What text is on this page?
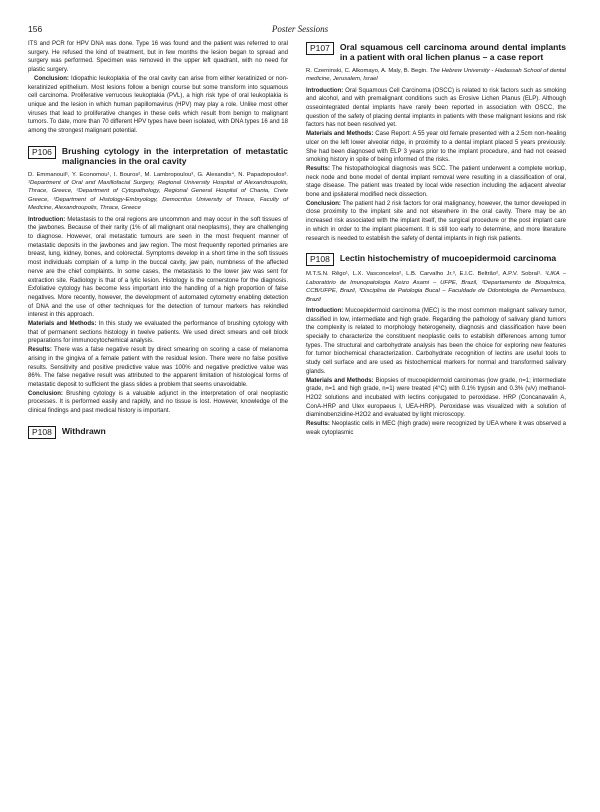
156	Poster Sessions

ITS and PCR for HPV DNA was done. Type 16 was found and the patient was referred to oral surgery. He refused the kind of treatment, but in few months the lesion began to spread and surgery was performed. Specimen was removed in the upper left quadrant, with no need for plastic surgery.

Conclusion: Idiopathic leukoplakia of the oral cavity can arise from either keratinized or non-keratinized epithelium. Most lesions follow a benign course but some transform into squamous cell carcinoma. Proliferative verrucous leukoplakia (PVL), a high risk type of oral leukoplakia is unique and the lesion in which human papillomavirus (HPV) may play a role. Unlike most other viruses that lead to proliferative changes in these cells which result from benign to malignant tumors. To date, more than 70 different HPV types have been isolated, with DNA types 16 and 18 among the strongest malignant potential.

P106	Brushing cytology in the interpretation of metastatic malignancies in the oral cavity

D. Emmanouil¹, Y. Economou¹, I. Bouros², M. Lambropoulou³, G. Alexandis⁴, N. Papadopoulos³. ¹Department of Oral and Maxillofacial Surgery, Regional University Hospital of Alexandroupolis, Thrace, Greece, ²Department of Cytopathology, Regional General Hospital of Chania, Crete Greece, ³Department of Histology-Embryology, Democritus University of Thrace, Faculty of Medicine, Alexandroupolis, Thrace, Greece

Introduction: Metastasis to the oral regions are uncommon and may occur in the soft tissues of the jawbones. Because of their rarity (1% of all malignant oral neoplasms), they are challenging to diagnose. However, oral metastatic tumours are seen in the most frequent manner of metastatic deposits in the jawbones and jaw region. The most frequently reported primaries are breast, lung, kidney, bones, and colorectal. Symptoms develop in a short time in the soft tissues most individuals complain of a lump in the buccal cavity, jaw pain, numbness of the affected nerve are the chief complaints. In some cases, the metastasis to the lower jaw was sent for extraction site. Radiology is that of a lytic lesion. Histology is the cornerstone for the diagnosis. Exfoliative cytology has become less important into the handling of a high proportion of false negatives. More recently, however, the development of automated cytometry enabling detection of DNA and the use of other techniques for the detection of tumour markers has rekindled interest in this approach.

Materials and Methods: In this study we evaluated the performance of brushing cytology with that of permanent sections histology in twelve patients. We used direct smears and cell block preparations for immunocytochemical analysis.

Results: There was a false negative result by direct smearing on scoring a case of melanoma arising in the gingiva of a female patient with the residual lesion. There were no false positive results. Sensitivity and positive predictive value was 100% and negative predictive value was 86%. The false negative result was attributed to the apparent limitation of histological forms of metastatic deposit to sufficient the glass slides a problem that seems unavoidable.

Conclusion: Brushing cytology is a valuable adjunct in the interpretation of oral neoplastic processes. It is performed easily and rapidly, and no tissue is lost. However, knowledge of the clinical findings and past medical history is important.

P108	Withdrawn
P107	Oral squamous cell carcinoma around dental implants in a patient with oral lichen planus – a case report

R. Czerninski, C. Alkomayo, A. Maly, B. Begin. The Hebrew University - Hadassah School of dental medicine, Jerusalem, Israel

Introduction: Oral Squamous Cell Carcinoma (OSCC) is related to risk factors such as smoking and alcohol, and with premalignant conditions such as Erosive Lichen Planus (ELP). Although osseointegrated dental implants have rarely been reported in association with OSCC, the question of the safety of placing dental implants in patients with these malignant lesions and risk factors has not been resolved yet.

Materials and Methods: Case Report: A 55 year old female presented with a 2.5cm non-healing ulcer on the left lower alveolar ridge, in proximity to a dental implant placed 5 years previously. She had been diagnosed with ELP 3 years prior to the implant procedure, and had not ceased smoking history in spite of being informed of the risks.

Results: The histopathological diagnosis was SCC. The patient underwent a complete workup, neck node and bone model of dental implant removal were resulting in a classification of oral, stage disease. The patient was treated by local wide resection including the adjacent alveolar bone and ipsilateral modified neck dissection.

Conclusion: The patient had 2 risk factors for oral malignancy, however, the tumor developed in close proximity to the implant site and not elsewhere in the oral cavity. There may be an increased risk associated with the implant itself, the surgical procedure or the post implant care in which in order to the implant placement. It is still too early to determine, and more literature research is needed to establish the safety of dental implants in high risk patients.

P108	Lectin histochemistry of mucoepidermoid carcinoma

M.T.S.N. Rêgo¹, L.X. Vasconcelos², L.B. Carvalho Jr.³, E.I.C. Beltrão², A.P.V. Sobral¹. ¹LIKA – Laboratório de Imunopatologia Keizo Asami – UFPE, Brazil, ²Departamento de Bioquímica, CCB/UFPE, Brazil, ³Disciplina de Patologia Bucal – Faculdade de Odontologia de Pernambuco, Brazil

Introduction: Mucoepidermoid carcinoma (MEC) is the most common malignant salivary tumor, classified in low, intermediate and high grade. Regarding the pathology of salivary gland tumors the complexity is related to morphology heterogeneity, diagnosis and classification have been specially to characterize the constituent neoplastic cells to establish differences among tumor types. The structural and carbohydrate analysis has been the choice for exploring new features for tumor biochemical characterization. Carbohydrate recognition of lectins are useful tools to study cell surface and are used as histochemical markers for normal and transformed salivary glands.

Materials and Methods: Biopsies of mucoepidermoid carcinomas (low grade, n=1; intermediate grade, n=1 and high grade, n=1) were treated (4°C) with 0.1% trypsin and 0.3% (v/v) methanol-H2O2 solutions and incubated with lectins conjugated to peroxidase. HRP (Concanavalin A, ConA-HRP and Ulex europaeus I, UEA-HRP). Peroxidase was visualized with a solution of diaminobenzidine-H2O2 and evaluated by light microscopy.

Results: Neoplastic cells in MEC (high grade) were recognized by UEA where it was observed a weak cytoplasmic
